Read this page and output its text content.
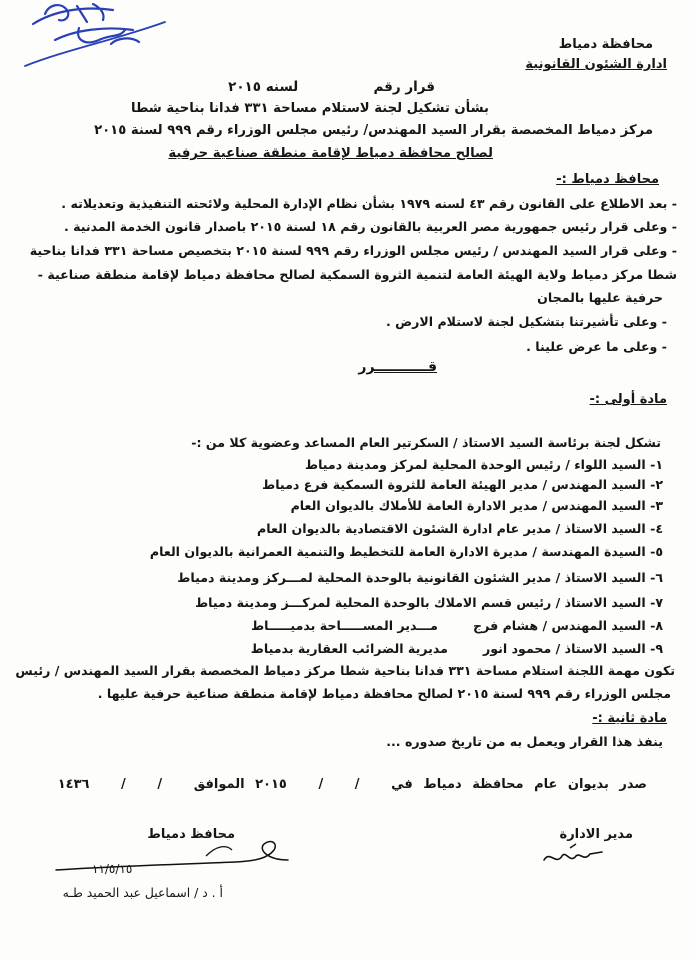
محافظة دمياط
ادارة الشئون القانونية
قرار رقم                لسنه ٢٠١٥
بشأن تشكيل لجنة لاستلام مساحة ٣٣١ فدانا بناحية شطا
مركز دمياط المخصصة بقرار السيد المهندس/ رئيس مجلس الوزراء رقم ٩٩٩ لسنة ٢٠١٥
لصالح محافظة دمياط لإقامة منطقة صناعية حرفية
محافظ دمياط :-
- بعد الاطلاع على القانون رقم ٤٣ لسنه ١٩٧٩ بشأن نظام الإدارة المحلية ولائحته التنفيذية وتعديلاته .
- وعلى قرار رئيس جمهورية مصر العربية بالقانون رقم ١٨ لسنة ٢٠١٥ باصدار قانون الخدمة المدنية .
- وعلى قرار السيد المهندس / رئيس مجلس الوزراء رقم ٩٩٩ لسنة ٢٠١٥ بتخصيص مساحة ٣٣١ فدانا بناحية
شطا مركز دمياط ولاية الهيئة العامة لتنمية الثروة السمكية لصالح محافظة دمياط لإقامة منطقة صناعية -
حرفية عليها بالمجان
- وعلى تأشيرتنا بتشكيل لجنة لاستلام الارض .
- وعلى ما عرض علينا .
قـــــــــــرر
مادة أولى :-
تشكل لجنة برئاسة السيد الاستاذ / السكرتير العام المساعد وعضوية كلا من :-
١- السيد اللواء / رئيس الوحدة المحلية لمركز ومدينة دمياط
٢- السيد المهندس / مدير الهيئة العامة للثروة السمكية فرع دمياط
٣- السيد المهندس / مدير الادارة العامة للأملاك بالديوان العام
٤- السيد الاستاذ / مدير عام ادارة الشئون الاقتصادية بالديوان العام
٥- السيدة المهندسة / مديرة الادارة العامة للتخطيط والتنمية العمرانية بالديوان العام
٦- السيد الاستاذ / مدير الشئون القانونية بالوحدة المحلية لمـــركز ومدينة دمياط
٧- السيد الاستاذ / رئيس قسم الاملاك بالوحدة المحلية لمركـــز ومدينة دمياط
٨- السيد المهندس / هشام فرج        مـــدير المســـــاحة بدميـــــاط
٩- السيد الاستاذ / محمود انور        مديرية الضرائب العقارية بدمياط
تكون مهمة اللجنة استلام مساحة ٣٣١ فدانا بناحية شطا مركز دمياط المخصصة بقرار السيد المهندس / رئيس
مجلس الوزراء رقم ٩٩٩ لسنة ٢٠١٥ لصالح محافظة دمياط لإقامة منطقة صناعية حرفية عليها .
مادة ثانية :-
ينفذ هذا القرار ويعمل به من تاريخ صدوره ...
صدر بديوان عام محافظة دمياط في   /   /   ٢٠١٥ الموافق   /   /   ١٤٣٦
مدير الادارة
محافظ دمياط
١١/٥/١٥
أ . د / اسماعيل عبد الحميد طـه
